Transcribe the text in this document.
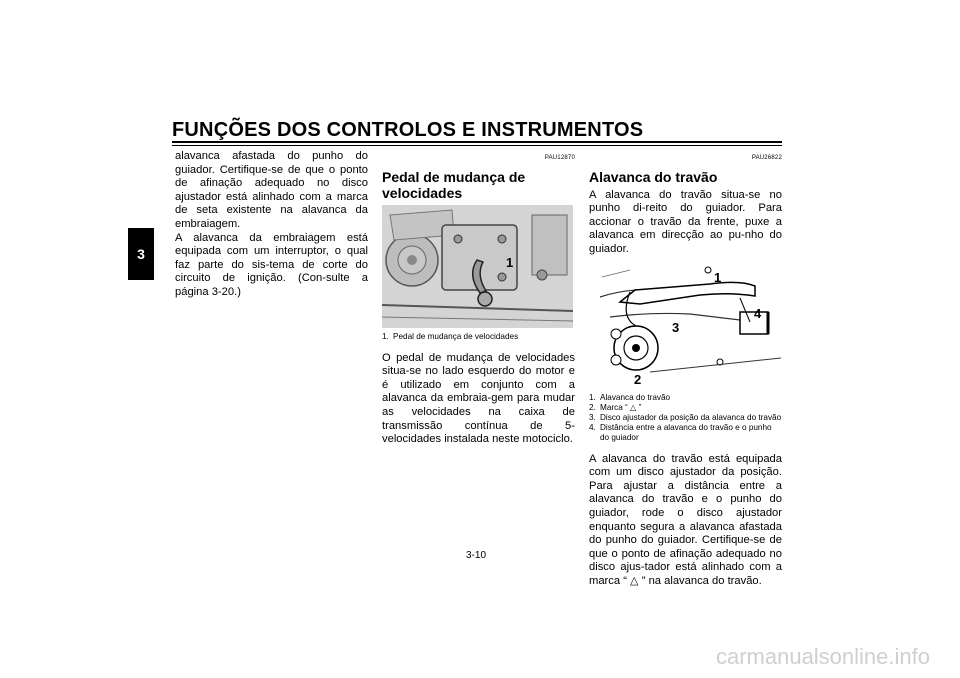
FUNÇÕES DOS CONTROLOS E INSTRUMENTOS
3

alavanca afastada do punho do guiador. Certifique-se de que o ponto de afinação adequado no disco ajustador está alinhado com a marca de seta existente na alavanca da embraiagem.

A alavanca da embraiagem está equipada com um interruptor, o qual faz parte do sis-tema de corte do circuito de ignição. (Con-sulte a página 3-20.)

PAU12870
Pedal de mudança de velocidades
1
1. Pedal de mudança de velocidades

O pedal de mudança de velocidades situa-se no lado esquerdo do motor e é utilizado em conjunto com a alavanca da embraia-gem para mudar as velocidades na caixa de transmissão contínua de 5-velocidades instalada neste motociclo.

PAU26822
Alavanca do travão

A alavanca do travão situa-se no punho di-reito do guiador. Para accionar o travão da frente, puxe a alavanca em direcção ao pu-nho do guiador.

1
2
3
4
1. Alavanca do travão
2. Marca “ △ ”
3. Disco ajustador da posição da alavanca do travão
4. Distância entre a alavanca do travão e o punho do guiador

A alavanca do travão está equipada com um disco ajustador da posição. Para ajustar a distância entre a alavanca do travão e o punho do guiador, rode o disco ajustador enquanto segura a alavanca afastada do punho do guiador. Certifique-se de que o ponto de afinação adequado no disco ajus-tador está alinhado com a marca “ △ ” na alavanca do travão.

3-10
carmanualsonline.info
